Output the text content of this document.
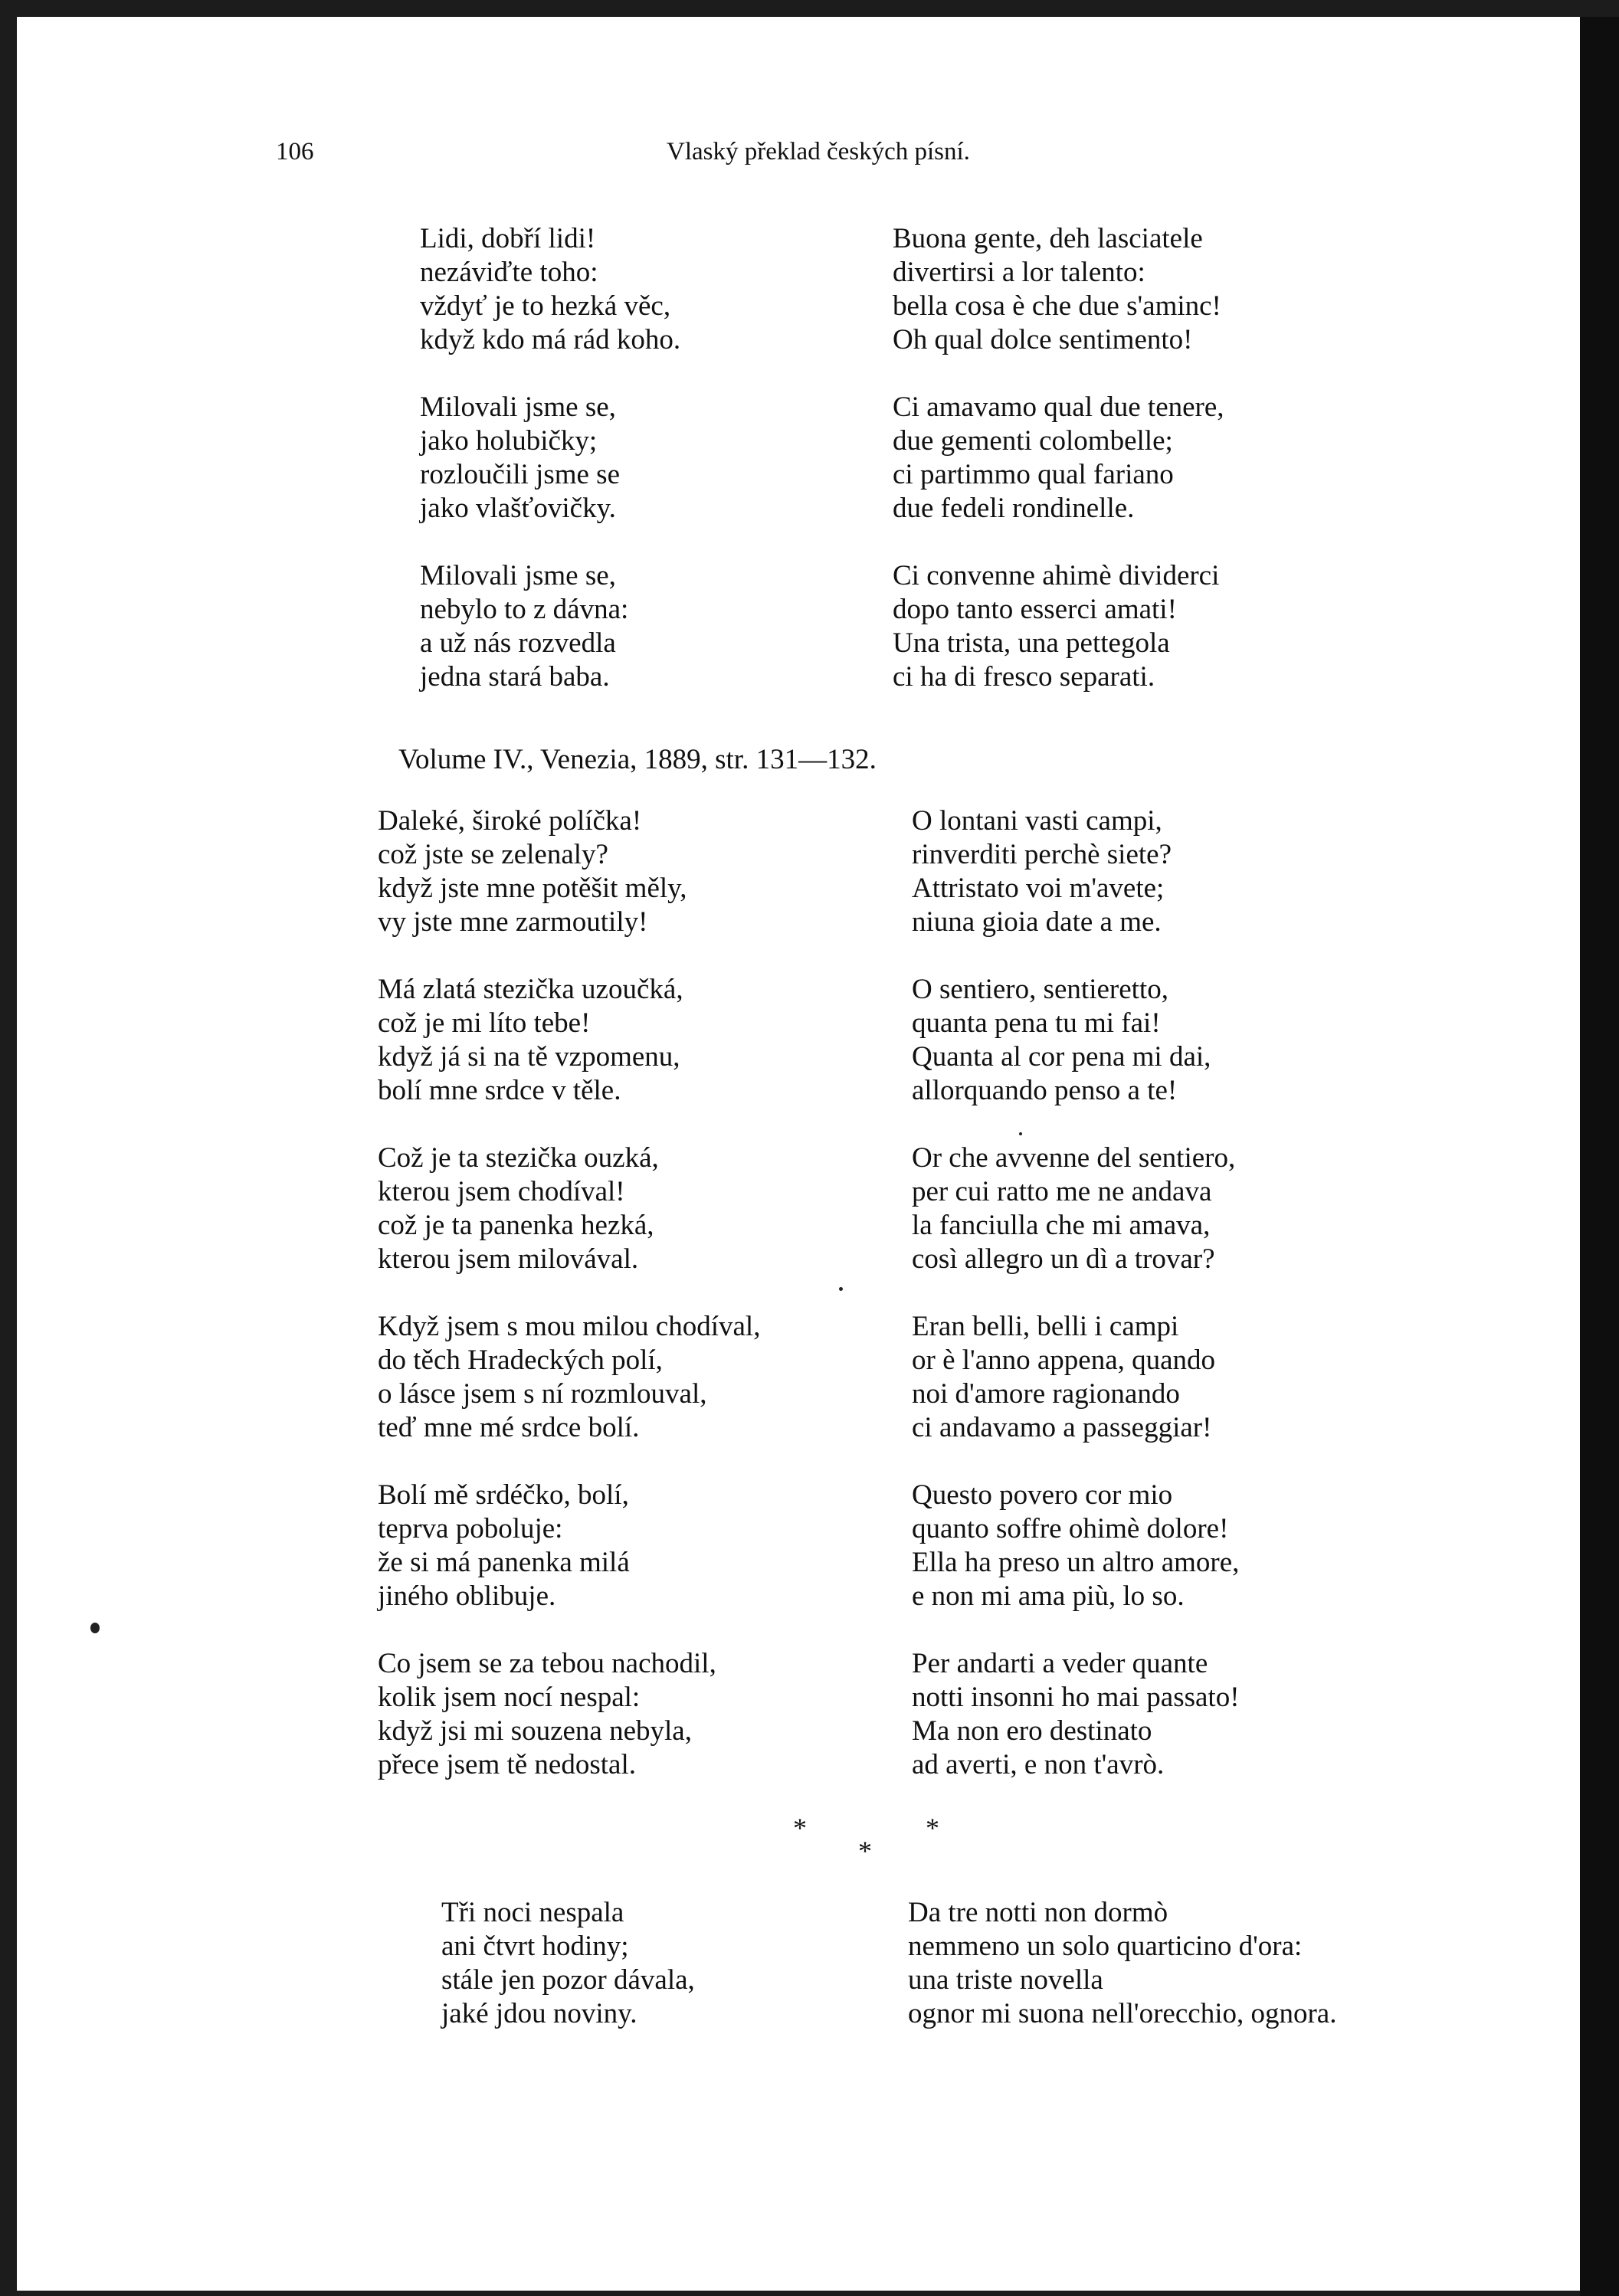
106	Vlaský překlad českých písní.
Lidi, dobří lidi!
nezáviďte toho:
vždyť je to hezká věc,
když kdo má rád koho.
Milovali jsme se,
jako holubičky;
rozloučili jsme se
jako vlašťovičky.
Milovali jsme se,
nebylo to z dávna:
a už nás rozvedla
jedna stará baba.
Buona gente, deh lasciatele
divertirsi a lor talento:
bella cosa è che due s'aminc!
Oh qual dolce sentimento!
Ci amavamo qual due tenere,
due gementi colombelle;
ci partimmo qual fariano
due fedeli rondinelle.
Ci convenne ahimè dividerci
dopo tanto esserci amati!
Una trista, una pettegola
ci ha di fresco separati.
Volume IV., Venezia, 1889, str. 131—132.
Daleké, široké políčka!
což jste se zelenaly?
když jste mne potěšit měly,
vy jste mne zarmoutily!
Má zlatá stezička uzoučká,
což je mi líto tebe!
když já si na tě vzpomenu,
bolí mne srdce v těle.
Což je ta stezička ouzká,
kterou jsem chodíval!
což je ta panenka hezká,
kterou jsem milovával.
Když jsem s mou milou chodíval,
do těch Hradeckých polí,
o lásce jsem s ní rozmlouval,
teď mne mé srdce bolí.
Bolí mě srdéčko, bolí,
teprva poboluje:
že si má panenka milá
jiného oblibuje.
Co jsem se za tebou nachodil,
kolik jsem nocí nespal:
když jsi mi souzena nebyla,
přece jsem tě nedostal.
O lontani vasti campi,
rinverditi perchè siete?
Attristato voi m'avete;
niuna gioia date a me.
O sentiero, sentieretto,
quanta pena tu mi fai!
Quanta al cor pena mi dai,
allorquando penso a te!
Or che avvenne del sentiero,
per cui ratto me ne andava
la fanciulla che mi amava,
così allegro un dì a trovar?
Eran belli, belli i campi
or è l'anno appena, quando
noi d'amore ragionando
ci andavamo a passeggiar!
Questo povero cor mio
quanto soffre ohimè dolore!
Ella ha preso un altro amore,
e non mi ama più, lo so.
Per andarti a veder quante
notti insonni ho mai passato!
Ma non ero destinato
ad averti, e non t'avrò.
*
*
*
Tři noci nespala
ani čtvrt hodiny;
stále jen pozor dávala,
jaké jdou noviny.
Da tre notti non dormò
nemmeno un solo quarticino d'ora:
una triste novella
ognor mi suona nell'orecchio, ognora.
